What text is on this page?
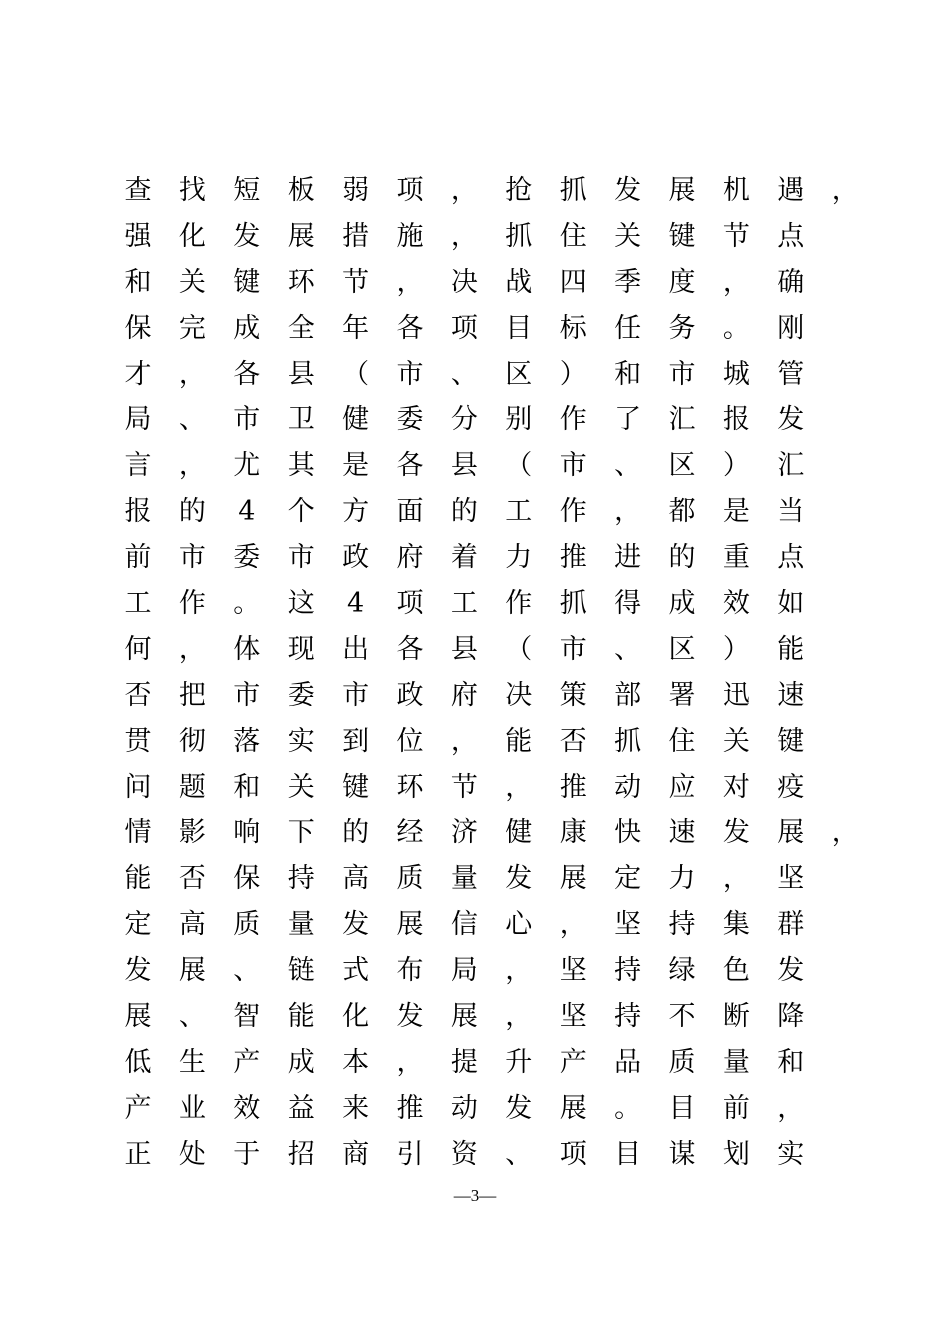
查 找 短 板 弱 项 ， 抢 抓 发 展 机 遇 ，
强 化 发 展 措 施 ， 抓 住 关 键 节 点
和 关 键 环 节 ， 决 战 四 季 度 ， 确
保 完 成 全 年 各 项 目 标 任 务 。 刚
才 ， 各 县 （ 市 、 区 ） 和 市 城 管
局 、 市 卫 健 委 分 别 作 了 汇 报 发
言 ， 尤 其 是 各 县 （ 市 、 区 ） 汇
报 的 4 个 方 面 的 工 作 ， 都 是 当
前 市 委 市 政 府 着 力 推 进 的 重 点
工 作 。 这 4 项 工 作 抓 得 成 效 如
何 ， 体 现 出 各 县 （ 市 、 区 ） 能
否 把 市 委 市 政 府 决 策 部 署 迅 速
贯 彻 落 实 到 位 ， 能 否 抓 住 关 键
问 题 和 关 键 环 节 ， 推 动 应 对 疫
情 影 响 下 的 经 济 健 康 快 速 发 展 ，
能 否 保 持 高 质 量 发 展 定 力 ， 坚
定 高 质 量 发 展 信 心 ， 坚 持 集 群
发 展 、 链 式 布 局 ， 坚 持 绿 色 发
展 、 智 能 化 发 展 ， 坚 持 不 断 降
低 生 产 成 本 ， 提 升 产 品 质 量 和
产 业 效 益 来 推 动 发 展 。 目 前 ，
正 处 于 招 商 引 资 、 项 目 谋 划 实
—3—
